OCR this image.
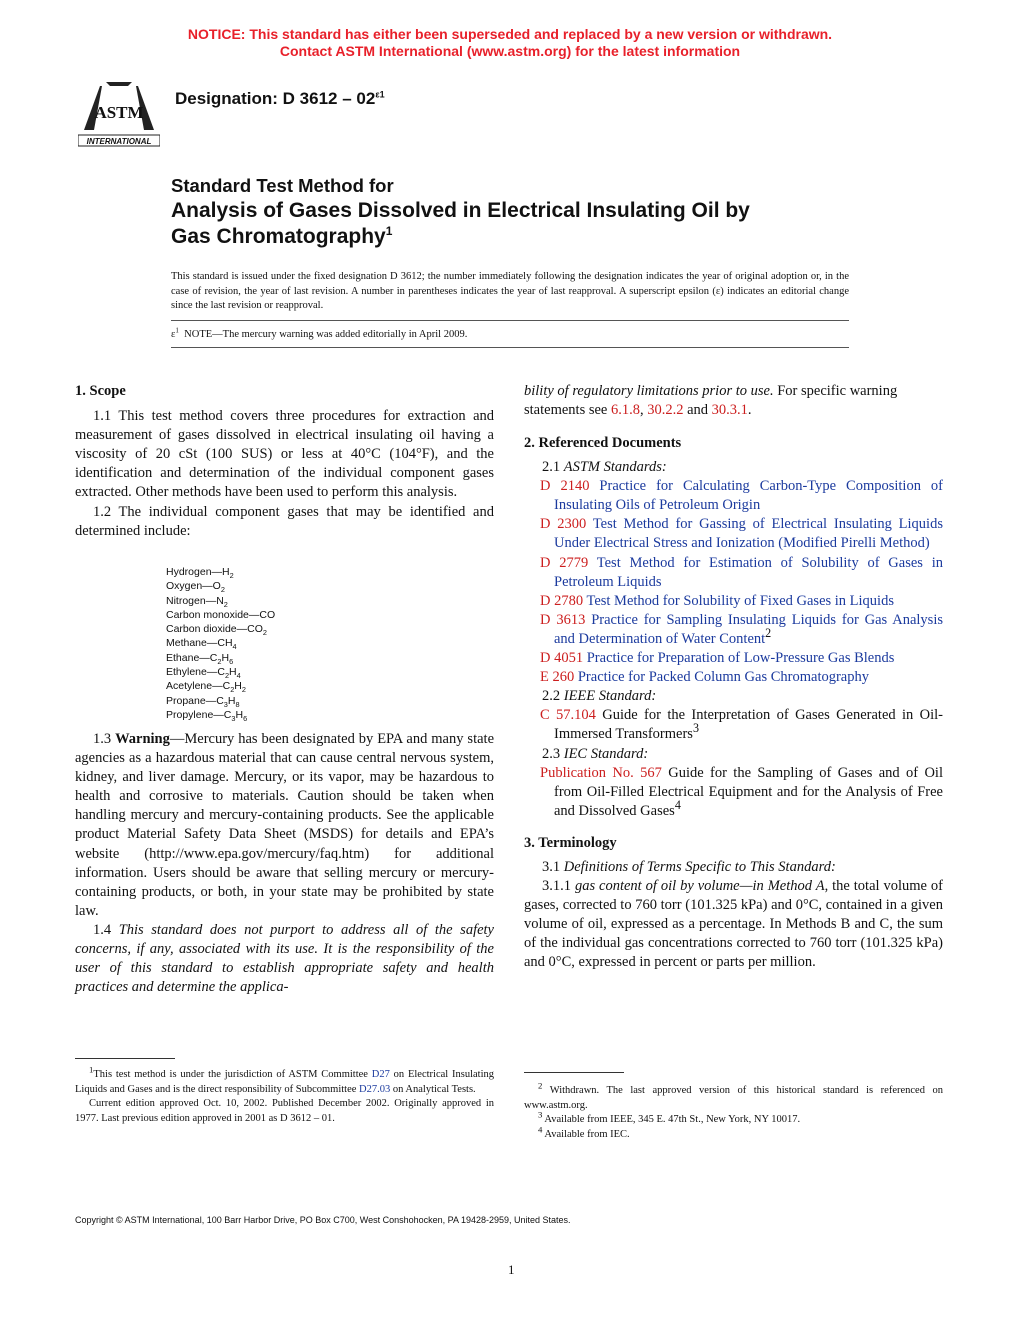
NOTICE: This standard has either been superseded and replaced by a new version or withdrawn.
Contact ASTM International (www.astm.org) for the latest information
ASTM
INTERNATIONAL
Designation: D $3612 - 02^{\varepsilon 1}$
Standard Test Method for
Analysis of Gases Dissolved in Electrical Insulating Oil by
Gas Chromatography$^1$
This standard is issued under the fixed designation D 3612; the number immediately following the designation indicates the year of original adoption or, in the case of revision, the year of last revision. A number in parentheses indicates the year of last reapproval. A superscript epsilon (ε) indicates an editorial change since the last revision or reapproval.
$\varepsilon^1$ NOTE—The mercury warning was added editorially in April 2009.

1. Scope

1.1 This test method covers three procedures for extraction and measurement of gases dissolved in electrical insulating oil having a viscosity of 20 cSt (100 SUS) or less at 40°C (104°F), and the identification and determination of the individual component gases extracted. Other methods have been used to perform this analysis.

1.2 The individual component gases that may be identified and determined include:

$Hydrogen—H_2$
$Oxygen—O_2$
$Nitrogen—N_2$
Carbon monoxide—CO
Carbon $dioxide—CO_2$
$Methane—CH_4$
$Ethane—C_2H_6$
$Ethylene—C_2H_4$
$Acetylene—C_2H_2$
$Propane—C_3H_8$
$Propylene—C_3H_6$

1.3 Warning—Mercury has been designated by EPA and many state agencies as a hazardous material that can cause central nervous system, kidney, and liver damage. Mercury, or its vapor, may be hazardous to health and corrosive to materials. Caution should be taken when handling mercury and mercury-containing products. See the applicable product Material Safety Data Sheet (MSDS) for details and EPA’s website (http://www.epa.gov/mercury/faq.htm) for additional information. Users should be aware that selling mercury or mercury-containing products, or both, in your state may be prohibited by state law.

1.4 This standard does not purport to address all of the safety concerns, if any, associated with its use. It is the responsibility of the user of this standard to establish appropriate safety and health practices and determine the applica-

$^1$This test method is under the jurisdiction of ASTM Committee D27 on Electrical Insulating Liquids and Gases and is the direct responsibility of Subcommittee D27.03 on Analytical Tests.

Current edition approved Oct. 10, 2002. Published December 2002. Originally approved in 1977. Last previous edition approved in 2001 as D 3612 – 01.

2. Referenced Documents

2.1 ASTM Standards:

D 2140 Practice for Calculating Carbon-Type Composition of Insulating Oils of Petroleum Origin

D 2300 Test Method for Gassing of Electrical Insulating Liquids Under Electrical Stress and Ionization (Modified Pirelli Method)

D 2779 Test Method for Estimation of Solubility of Gases in Petroleum Liquids

D 2780 Test Method for Solubility of Fixed Gases in Liquids

D 3613 Practice for Sampling Insulating Liquids for Gas Analysis and Determination of Water Content$^2$

D 4051 Practice for Preparation of Low-Pressure Gas Blends

E 260 Practice for Packed Column Gas Chromatography

2.2 IEEE Standard:

C 57.104 Guide for the Interpretation of Gases Generated in Oil-Immersed Transformers$^3$

2.3 IEC Standard:

Publication No. 567 Guide for the Sampling of Gases and of Oil from Oil-Filled Electrical Equipment and for the Analysis of Free and Dissolved Gases$^4$

3. Terminology

3.1 Definitions of Terms Specific to This Standard:

3.1.1 gas content of oil by volume—in Method A, the total volume of gases, corrected to 760 torr (101.325 kPa) and 0°C, contained in a given volume of oil, expressed as a percentage. In Methods B and C, the sum of the individual gas concentrations corrected to 760 torr (101.325 kPa) and 0°C, expressed in percent or parts per million.

bility of regulatory limitations prior to use. For specific warning statements see 6.1.8, 30.2.2 and 30.3.1.

$^2$ Withdrawn. The last approved version of this historical standard is referenced on www.astm.org.

$^3$ Available from IEEE, 345 E. 47th St., New York, NY 10017.

$^4$ Available from IEC.

Copyright © ASTM International, 100 Barr Harbor Drive, PO Box C700, West Conshohocken, PA 19428-2959, United States.
1
